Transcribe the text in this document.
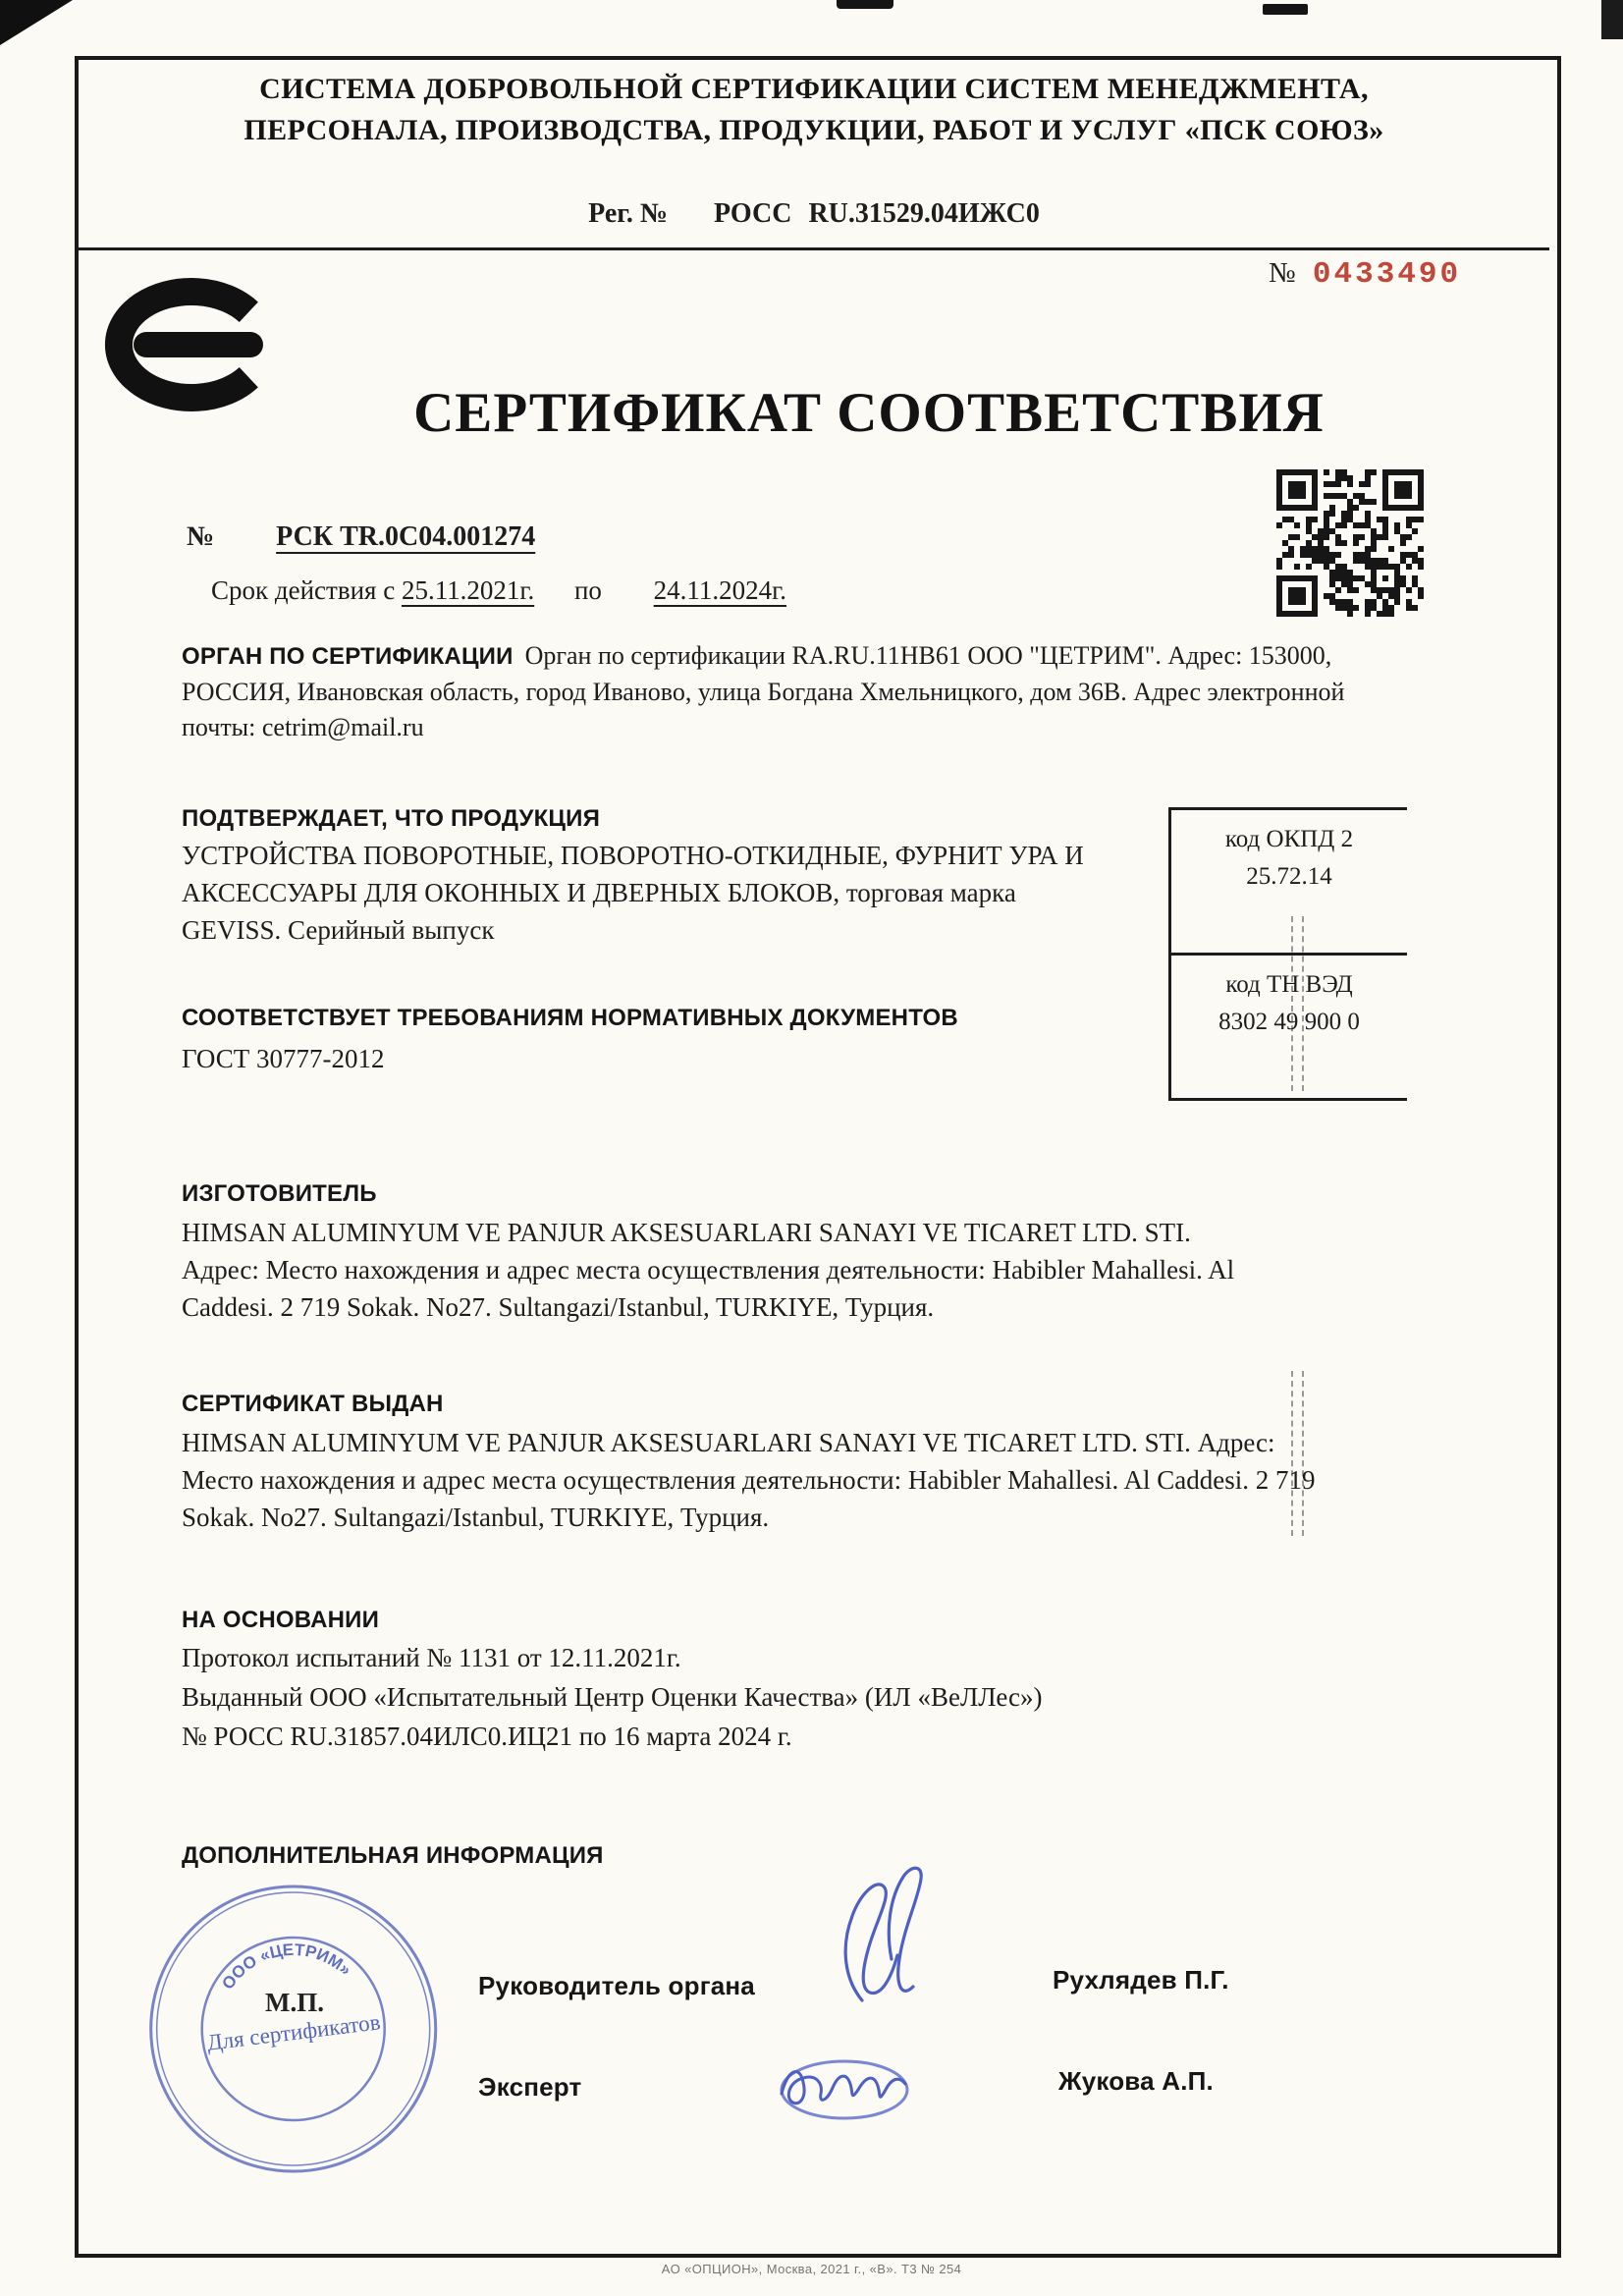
СИСТЕМА ДОБРОВОЛЬНОЙ СЕРТИФИКАЦИИ СИСТЕМ МЕНЕДЖМЕНТА,
ПЕРСОНАЛА, ПРОИЗВОДСТВА, ПРОДУКЦИИ, РАБОТ И УСЛУГ «ПСК СОЮЗ»
Рег. № РОСС RU.31529.04ИЖС0
№ 0433490
СЕРТИФИКАТ СООТВЕТСТВИЯ
№ РСК TR.0C04.001274
Срок действия с 25.11.2021г. по 24.11.2024г.
ОРГАН ПО СЕРТИФИКАЦИИ Орган по сертификации RA.RU.11НВ61 ООО "ЦЕТРИМ". Адрес: 153000, РОССИЯ, Ивановская область, город Иваново, улица Богдана Хмельницкого, дом 36В. Адрес электронной почты: cetrim@mail.ru
ПОДТВЕРЖДАЕТ, ЧТО ПРОДУКЦИЯ
УСТРОЙСТВА ПОВОРОТНЫЕ, ПОВОРОТНО-ОТКИДНЫЕ, ФУРНИТ УРА И АКСЕССУАРЫ ДЛЯ ОКОННЫХ И ДВЕРНЫХ БЛОКОВ, торговая марка GEVISS. Серийный выпуск
код ОКПД 2
25.72.14
код ТН ВЭД
8302 49 900 0
СООТВЕТСТВУЕТ ТРЕБОВАНИЯМ НОРМАТИВНЫХ ДОКУМЕНТОВ
ГОСТ 30777-2012
ИЗГОТОВИТЕЛЬ
HIMSAN ALUMINYUM VE PANJUR AKSESUARLARI SANAYI VE TICARET LTD. STI.
Адрес: Место нахождения и адрес места осуществления деятельности: Habibler Mahallesi. Al Caddesi. 2 719 Sokak. No27. Sultangazi/Istanbul, TURKIYE, Турция.
СЕРТИФИКАТ ВЫДАН
HIMSAN ALUMINYUM VE PANJUR AKSESUARLARI SANAYI VE TICARET LTD. STI. Адрес: Место нахождения и адрес места осуществления деятельности: Habibler Mahallesi. Al Caddesi. 2 719 Sokak. No27. Sultangazi/Istanbul, TURKIYE, Турция.
НА ОСНОВАНИИ
Протокол испытаний № 1131 от 12.11.2021г.
Выданный ООО «Испытательный Центр Оценки Качества» (ИЛ «ВеЛЛес»)
№ РОСС RU.31857.04ИЛС0.ИЦ21 по 16 марта 2024 г.
ДОПОЛНИТЕЛЬНАЯ ИНФОРМАЦИЯ
ООО «ЦЕТРИМ»
Для сертификатов
М.П.
Руководитель органа	Рухлядев П.Г.
Эксперт	Жукова А.П.
АО «ОПЦИОН», Москва, 2021 г., «В». Т3 № 254
